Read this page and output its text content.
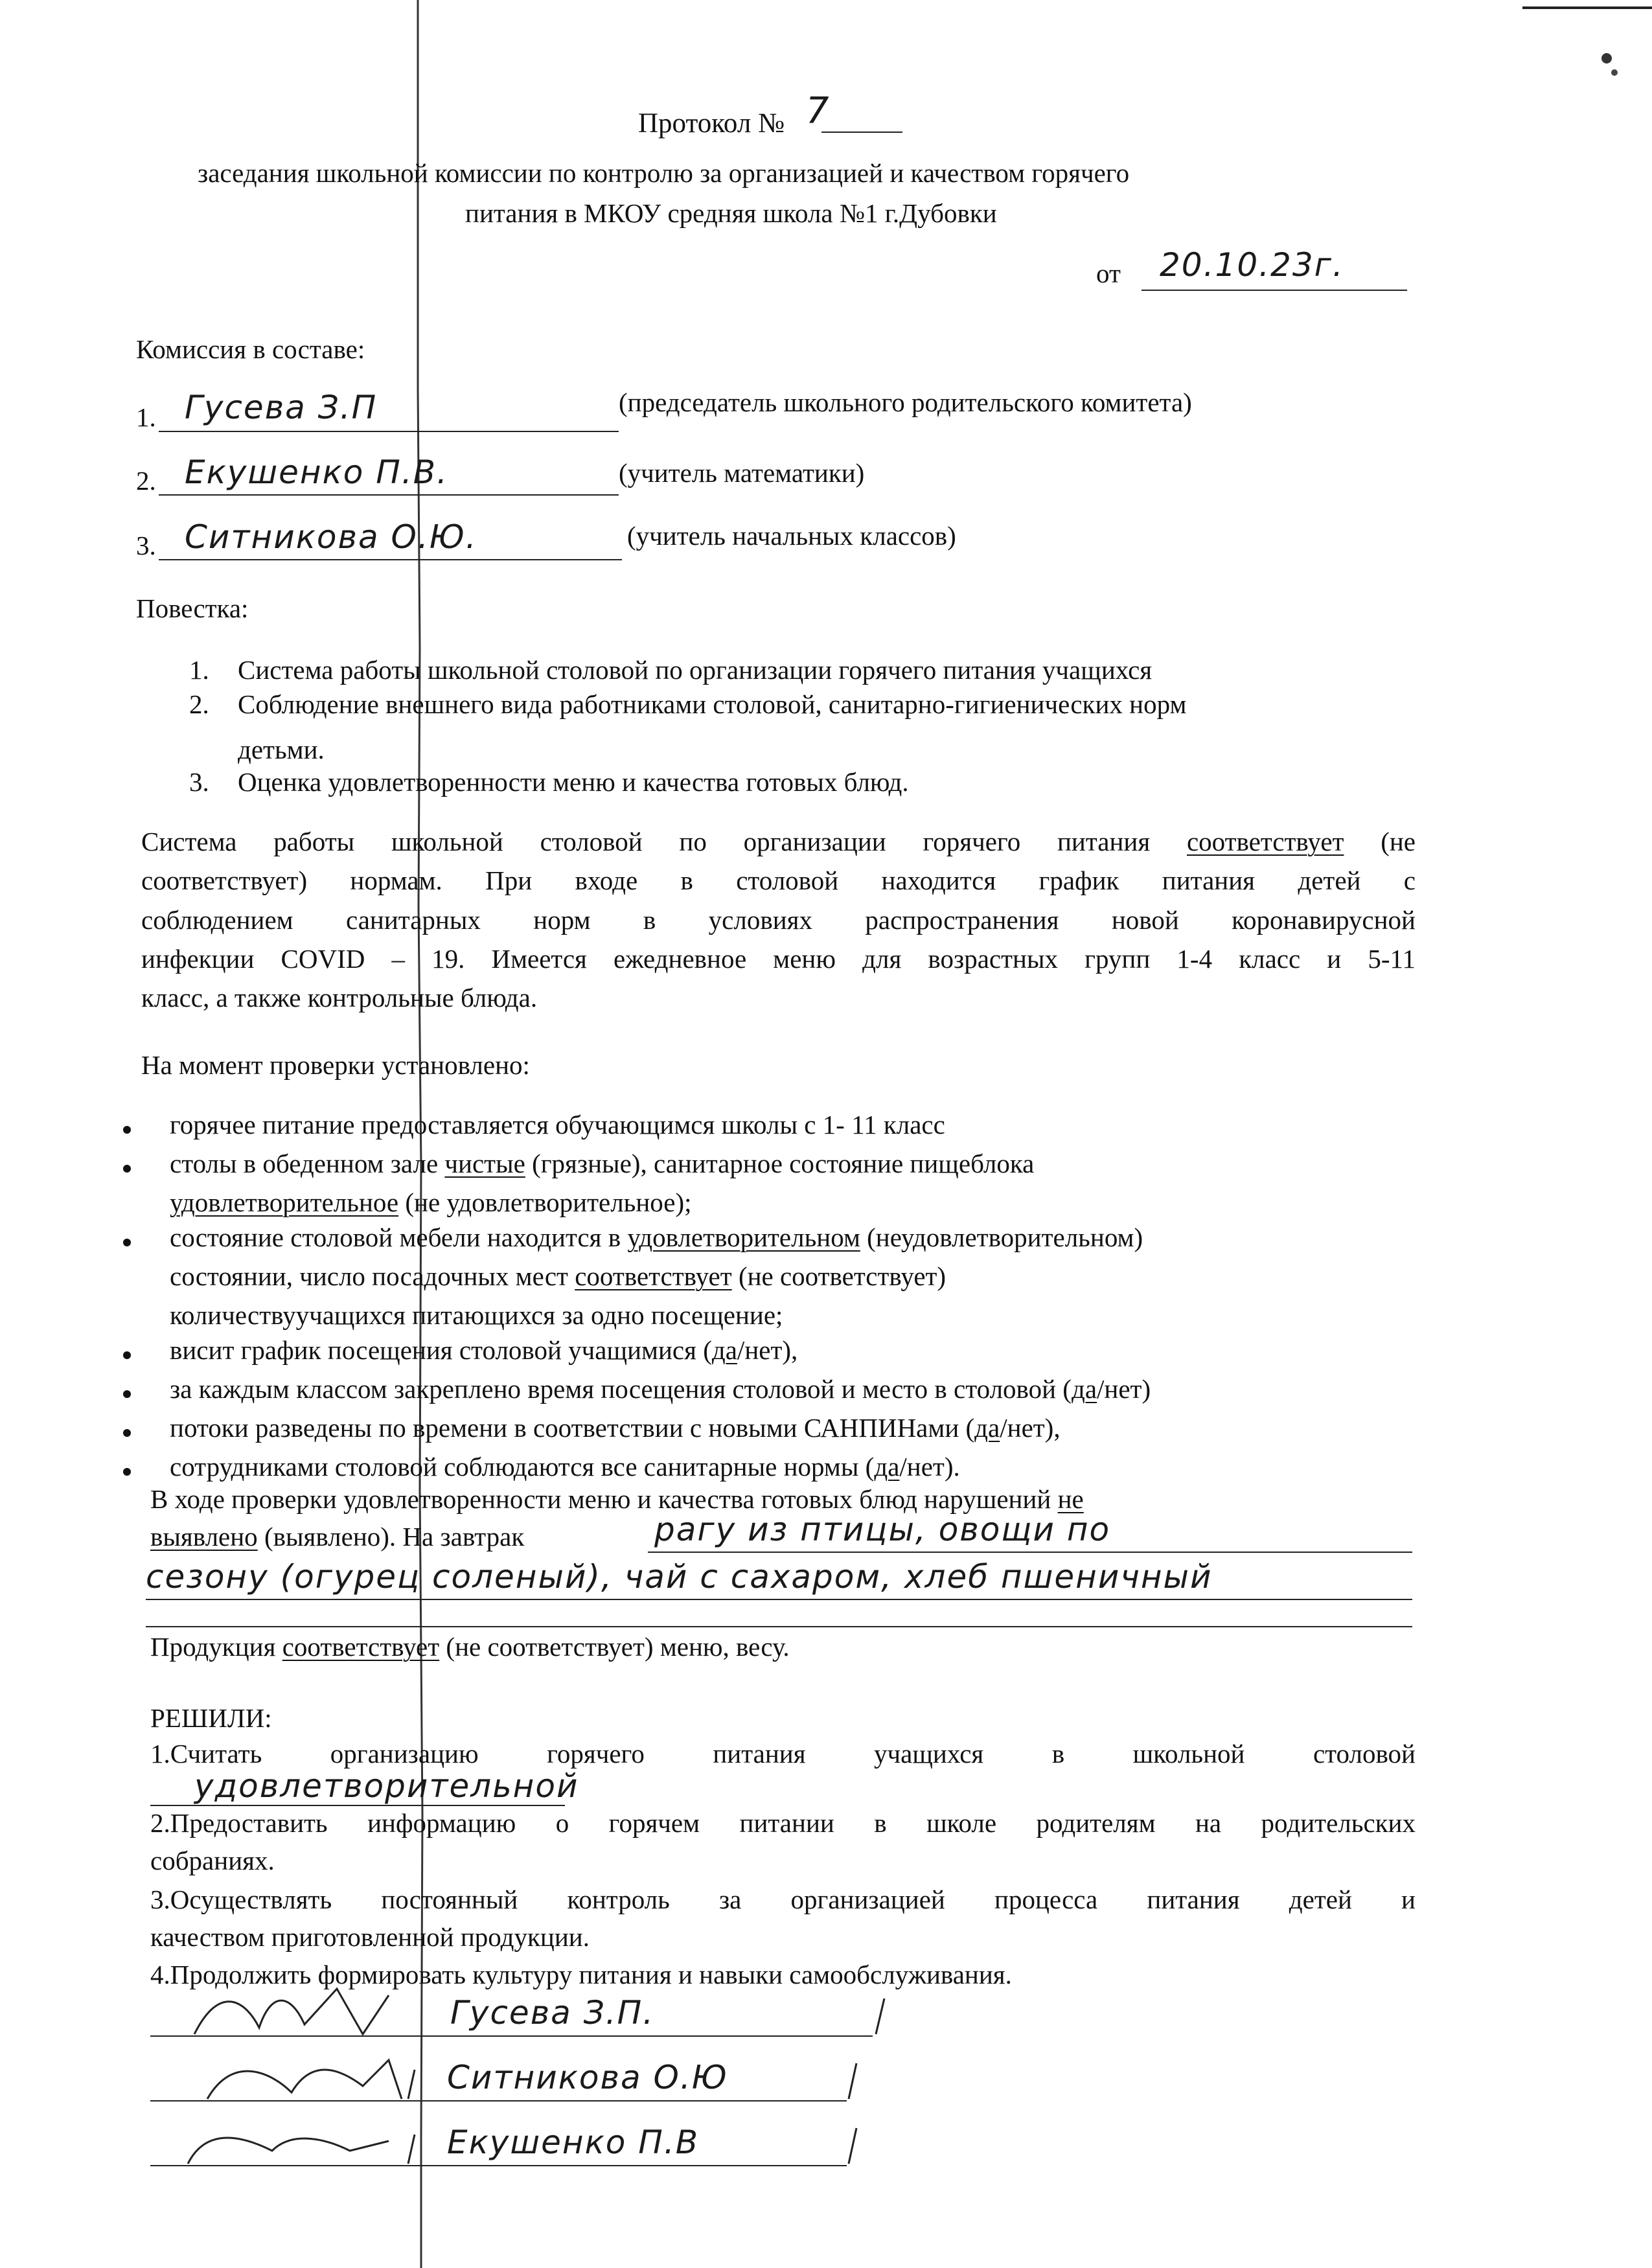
Протокол № 7
заседания школьной комиссии по контролю за организацией и качеством горячего
питания в МКОУ средняя школа №1 г.Дубовки
от 20.10.23г.
Комиссия в составе:
1. Гусева З.П	(председатель школьного родительского комитета)
2. Екушенко П.В.	(учитель математики)
3. Ситникова О.Ю.	(учитель начальных классов)
Повестка:
1. Система работы школьной столовой по организации горячего питания учащихся
2. Соблюдение внешнего вида работниками столовой, санитарно-гигиенических норм
детьми.
3. Оценка удовлетворенности меню и качества готовых блюд.
Система работы школьной столовой по организации горячего питания соответствует (не
соответствует) нормам. При входе в столовой находится график питания детей с
соблюдением санитарных норм в условиях распространения новой коронавирусной
инфекции COVID – 19. Имеется ежедневное меню для возрастных групп 1-4 класс и 5-11
класс, а также контрольные блюда.
На момент проверки установлено:
горячее питание предоставляется обучающимся школы с 1- 11 класс
столы в обеденном зале чистые (грязные), санитарное состояние пищеблока
удовлетворительное (не удовлетворительное);
состояние столовой мебели находится в удовлетворительном (неудовлетворительном)
состоянии, число посадочных мест соответствует (не соответствует)
количествуучащихся питающихся за одно посещение;
висит график посещения столовой учащимися (да/нет),
за каждым классом закреплено время посещения столовой и место в столовой (да/нет)
потоки разведены по времени в соответствии с новыми САНПИНами (да/нет),
сотрудниками столовой соблюдаются все санитарные нормы (да/нет).
В ходе проверки удовлетворенности меню и качества готовых блюд нарушений не
выявлено (выявлено). На завтрак	рагу из птицы, овощи по
сезону (огурец соленый), чай с сахаром, хлеб пшеничный
Продукция соответствует (не соответствует) меню, весу.
РЕШИЛИ:
1.Считать организацию горячего питания учащихся в школьной столовой
удовлетворительной
2.Предоставить информацию о горячем питании в школе родителям на родительских
собраниях.
3.Осуществлять постоянный контроль за организацией процесса питания детей и
качеством приготовленной продукции.
4.Продолжить формировать культуру питания и навыки самообслуживания.
Гусева З.П.
Ситникова О.Ю
Екушенко П.В
